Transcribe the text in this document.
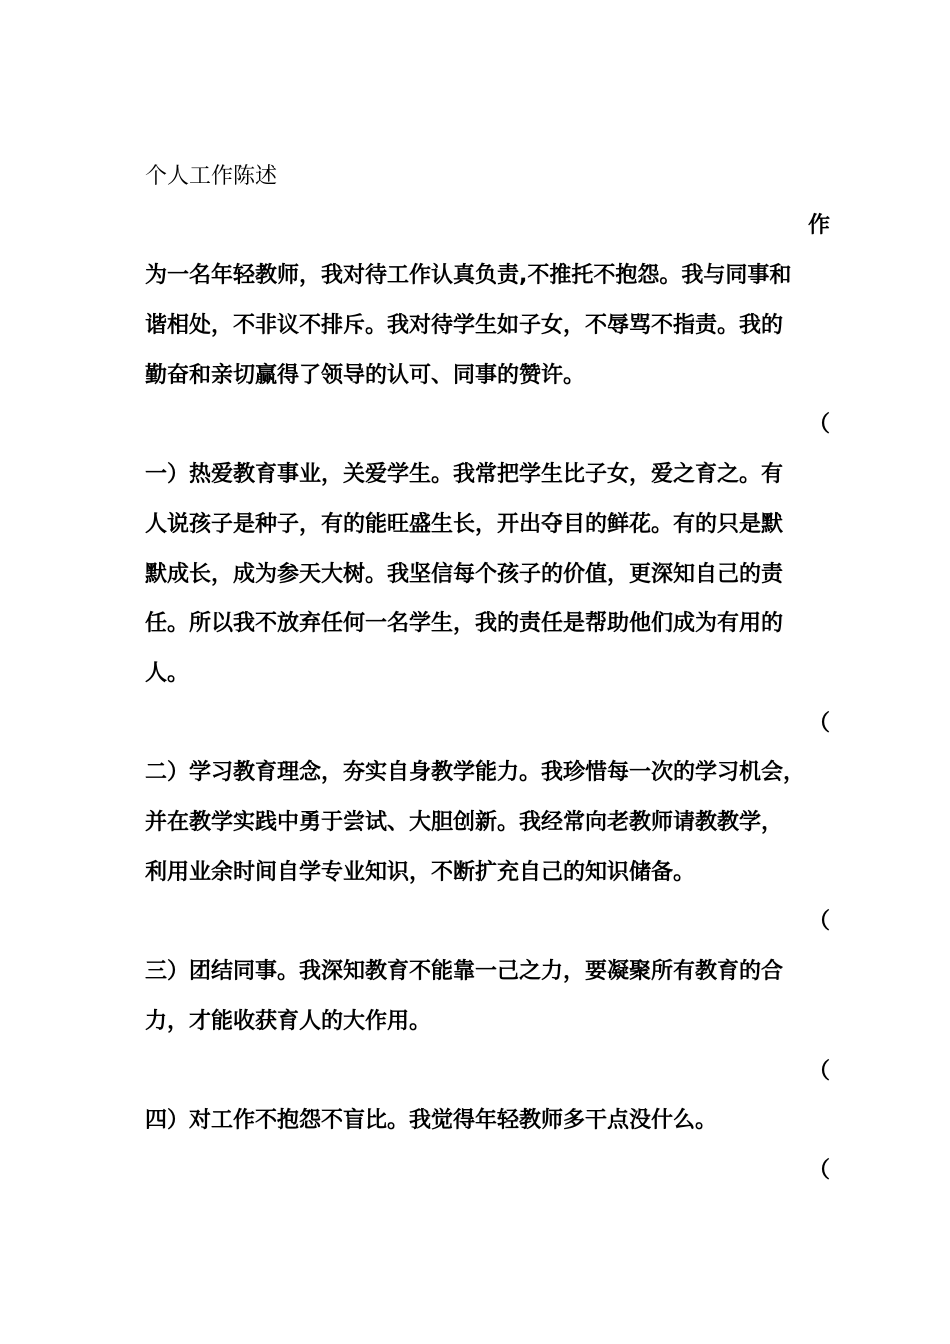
个人工作陈述
作
为一名年轻教师，我对待工作认真负责,不推托不抱怨。我与同事和
谐相处，不非议不排斥。我对待学生如子女，不辱骂不指责。我的
勤奋和亲切赢得了领导的认可、同事的赞许。
（
一）热爱教育事业，关爱学生。我常把学生比子女，爱之育之。有
人说孩子是种子，有的能旺盛生长，开出夺目的鲜花。有的只是默
默成长，成为参天大树。我坚信每个孩子的价值，更深知自己的责
任。所以我不放弃任何一名学生，我的责任是帮助他们成为有用的
人。
（
二）学习教育理念，夯实自身教学能力。我珍惜每一次的学习机会，
并在教学实践中勇于尝试、大胆创新。我经常向老教师请教教学，
利用业余时间自学专业知识，不断扩充自己的知识储备。
（
三）团结同事。我深知教育不能靠一己之力，要凝聚所有教育的合
力，才能收获育人的大作用。
（
四）对工作不抱怨不盲比。我觉得年轻教师多干点没什么。
（
